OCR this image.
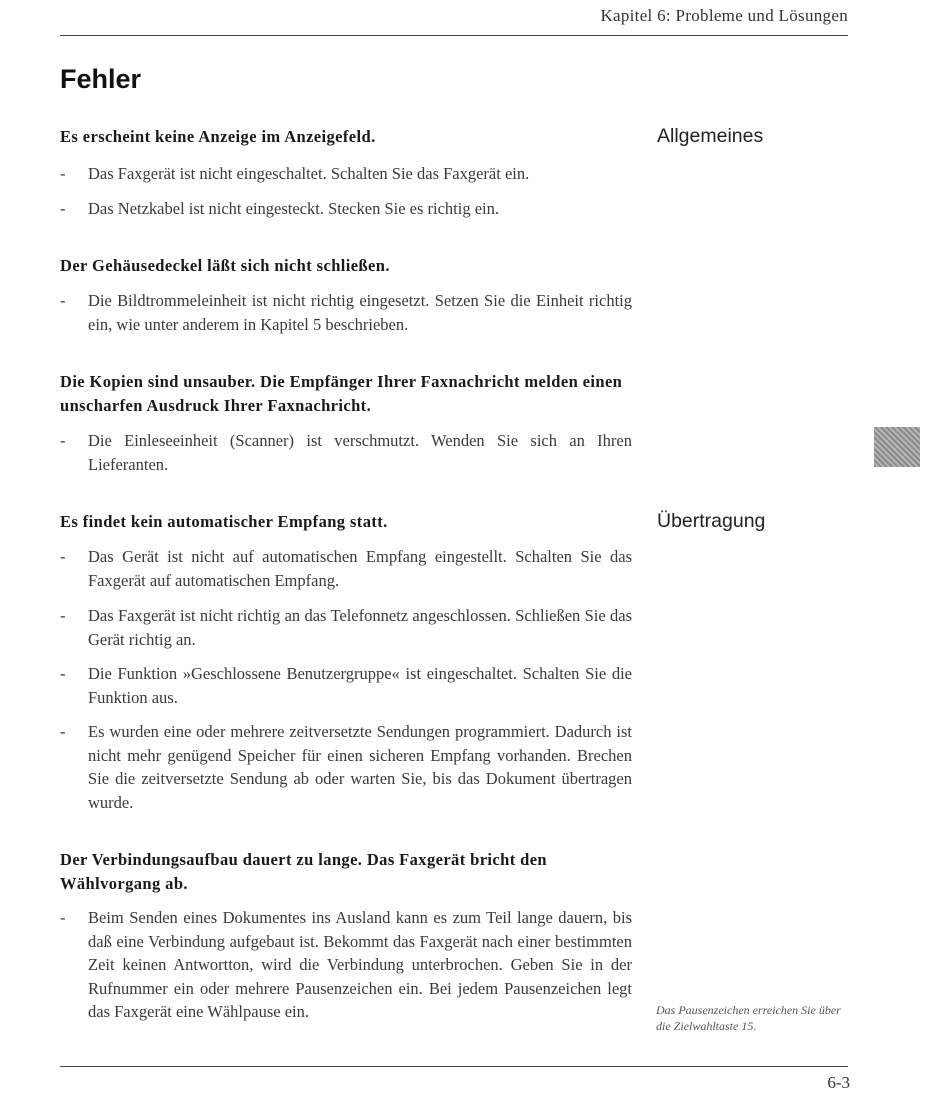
Kapitel 6: Probleme und Lösungen
Fehler
Allgemeines
Übertragung
Es erscheint keine Anzeige im Anzeigefeld.
-	Das Faxgerät ist nicht eingeschaltet. Schalten Sie das Faxgerät ein.
-	Das Netzkabel ist nicht eingesteckt. Stecken Sie es richtig ein.
Der Gehäusedeckel läßt sich nicht schließen.
-	Die Bildtrommeleinheit ist nicht richtig eingesetzt. Setzen Sie die Einheit richtig ein, wie unter anderem in Kapitel 5 beschrieben.
Die Kopien sind unsauber. Die Empfänger Ihrer Faxnachricht melden einen unscharfen Ausdruck Ihrer Faxnachricht.
-	Die Einleseeinheit (Scanner) ist verschmutzt. Wenden Sie sich an Ihren Lieferanten.
Es findet kein automatischer Empfang statt.
-	Das Gerät ist nicht auf automatischen Empfang eingestellt. Schalten Sie das Faxgerät auf automatischen Empfang.
-	Das Faxgerät ist nicht richtig an das Telefonnetz angeschlossen. Schließen Sie das Gerät richtig an.
-	Die Funktion »Geschlossene Benutzergruppe« ist eingeschaltet. Schalten Sie die Funktion aus.
-	Es wurden eine oder mehrere zeitversetzte Sendungen programmiert. Dadurch ist nicht mehr genügend Speicher für einen sicheren Empfang vorhanden. Brechen Sie die zeitversetzte Sendung ab oder warten Sie, bis das Dokument übertragen wurde.
Der Verbindungsaufbau dauert zu lange. Das Faxgerät bricht den Wählvorgang ab.
-	Beim Senden eines Dokumentes ins Ausland kann es zum Teil lange dauern, bis daß eine Verbindung aufgebaut ist. Bekommt das Faxgerät nach einer bestimmten Zeit keinen Antwortton, wird die Verbindung unterbrochen. Geben Sie in der Rufnummer ein oder mehrere Pausenzeichen ein. Bei jedem Pausenzeichen legt das Faxgerät eine Wählpause ein.	Das Pausenzeichen erreichen Sie über die Zielwahltaste 15.
6-3
